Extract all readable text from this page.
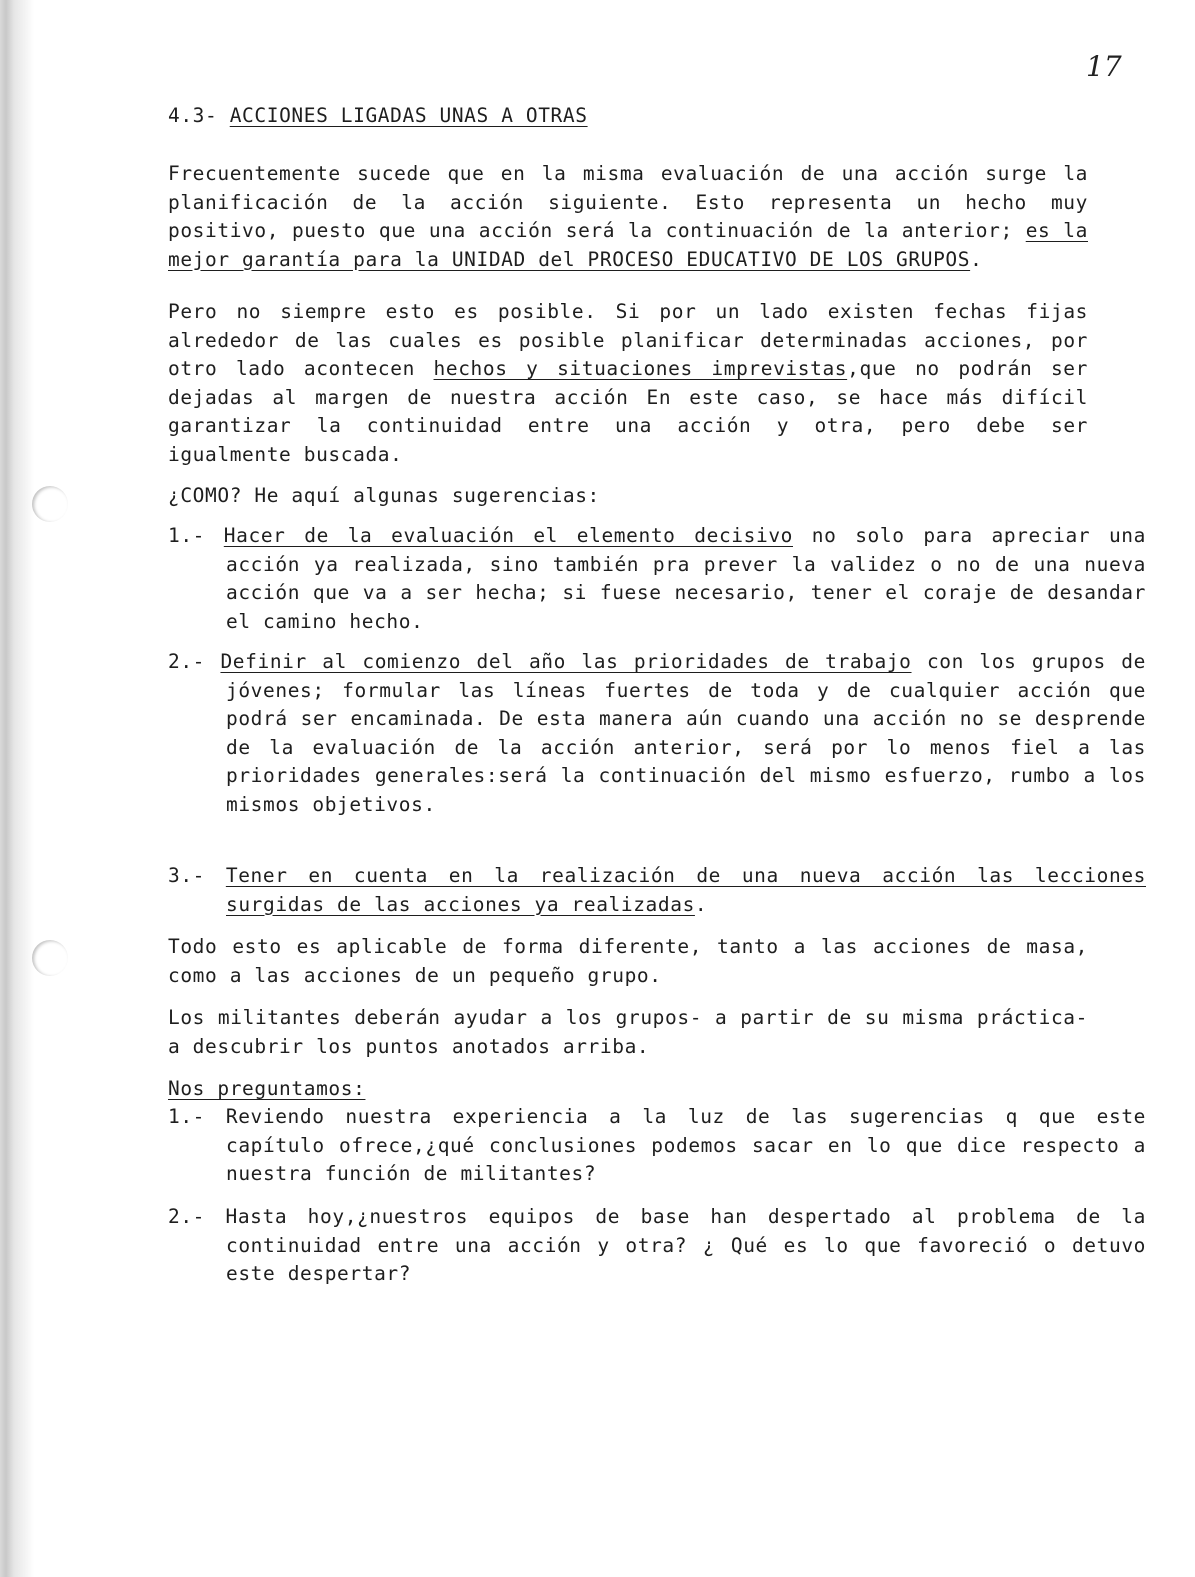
17
4.3- ACCIONES LIGADAS UNAS A OTRAS

Frecuentemente sucede que en la misma evaluación de una acción surge la planificación de la acción siguiente. Esto representa un hecho muy positivo, puesto que una acción será la continuación de la anterior; es la mejor garantía para la UNIDAD del PROCESO EDUCATIVO DE LOS GRUPOS.

Pero no siempre esto es posible. Si por un lado existen fechas fijas alrededor de las cuales es posible planificar determinadas acciones, por otro lado acontecen hechos y situaciones imprevistas,que no podrán ser dejadas al margen de nuestra acción En este caso, se hace más difícil garantizar la continuidad entre una acción y otra, pero debe ser igualmente buscada.

¿COMO? He aquí algunas sugerencias:

1.- Hacer de la evaluación el elemento decisivo no solo para apreciar una acción ya realizada, sino también pra prever la validez o no de una nueva acción que va a ser hecha; si fuese necesario, tener el coraje de desandar el camino hecho.

2.- Definir al comienzo del año las prioridades de trabajo con los grupos de jóvenes; formular las líneas fuertes de toda y de cualquier acción que podrá ser encaminada. De esta manera aún cuando una acción no se desprende de la evaluación de la acción anterior, será por lo menos fiel a las prioridades generales:será la continuación del mismo esfuerzo, rumbo a los mismos objetivos.

3.- Tener en cuenta en la realización de una nueva acción las lecciones surgidas de las acciones ya realizadas.

Todo esto es aplicable de forma diferente, tanto a las acciones de masa, como a las acciones de un pequeño grupo.

Los militantes deberán ayudar a los grupos- a partir de su misma práctica- a descubrir los puntos anotados arriba.

Nos preguntamos:

1.- Reviendo nuestra experiencia a la luz de las sugerencias q que este capítulo ofrece,¿qué conclusiones podemos sacar en lo que dice respecto a nuestra función de militantes?

2.- Hasta hoy,¿nuestros equipos de base han despertado al problema de la continuidad entre una acción y otra? ¿ Qué es lo que favoreció o detuvo este despertar?
